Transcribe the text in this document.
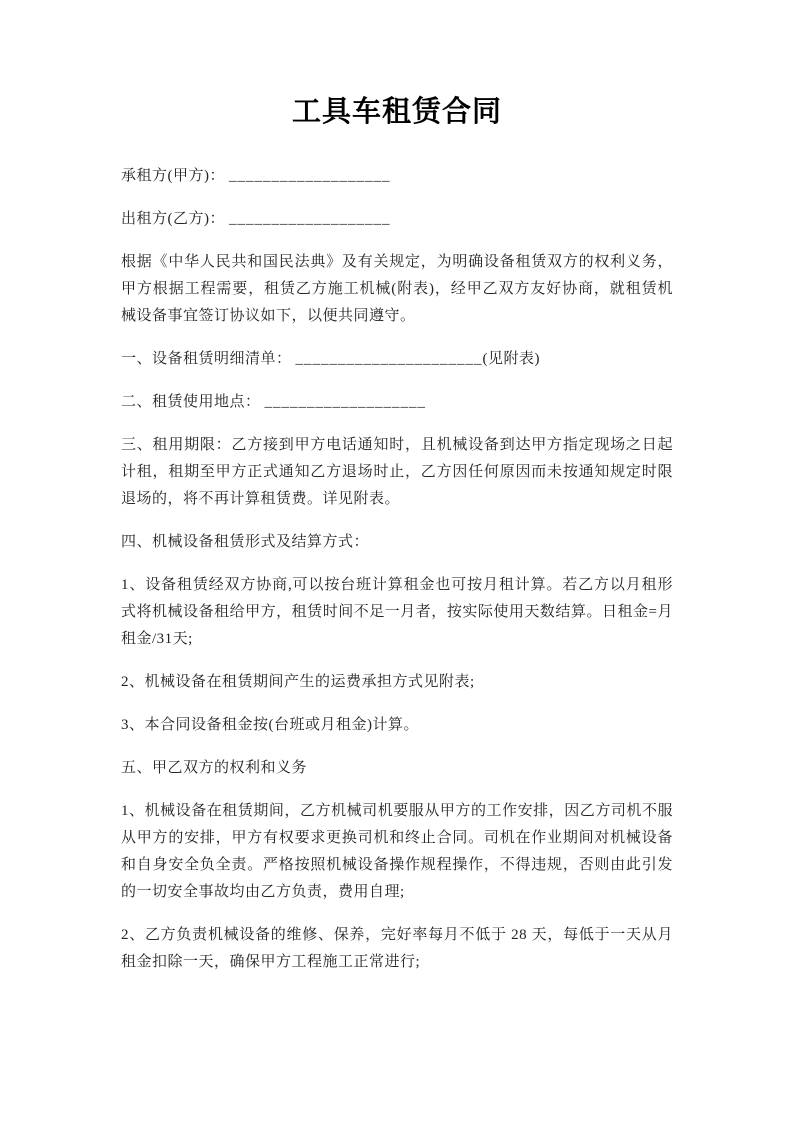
工具车租赁合同

承租方(甲方)： ___________________

出租方(乙方)： ___________________

根据《中华人民共和国民法典》及有关规定，为明确设备租赁双方的权利义务，甲方根据工程需要，租赁乙方施工机械(附表)，经甲乙双方友好协商，就租赁机械设备事宜签订协议如下，以便共同遵守。

一、设备租赁明细清单： ______________________(见附表)

二、租赁使用地点： ___________________

三、租用期限：乙方接到甲方电话通知时，且机械设备到达甲方指定现场之日起计租，租期至甲方正式通知乙方退场时止，乙方因任何原因而未按通知规定时限退场的，将不再计算租赁费。详见附表。

四、机械设备租赁形式及结算方式：

1、设备租赁经双方协商,可以按台班计算租金也可按月租计算。若乙方以月租形式将机械设备租给甲方，租赁时间不足一月者，按实际使用天数结算。日租金=月租金/31天;

2、机械设备在租赁期间产生的运费承担方式见附表;

3、本合同设备租金按(台班或月租金)计算。

五、甲乙双方的权利和义务

1、机械设备在租赁期间，乙方机械司机要服从甲方的工作安排，因乙方司机不服从甲方的安排，甲方有权要求更换司机和终止合同。司机在作业期间对机械设备和自身安全负全责。严格按照机械设备操作规程操作，不得违规，否则由此引发的一切安全事故均由乙方负责，费用自理;

2、乙方负责机械设备的维修、保养，完好率每月不低于 28 天，每低于一天从月租金扣除一天，确保甲方工程施工正常进行;
